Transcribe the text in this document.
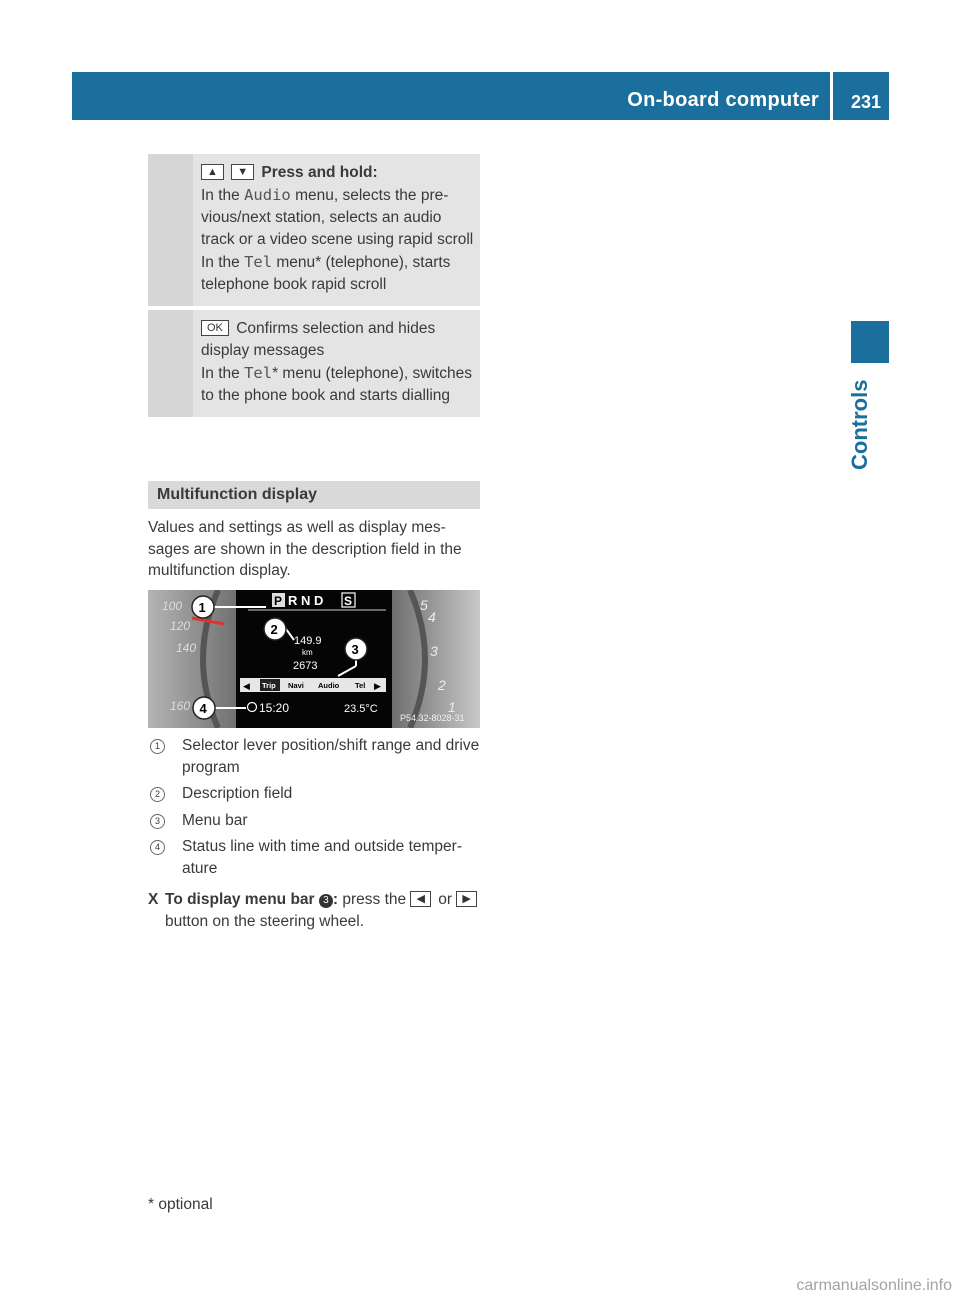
On-board computer 231
Controls
▲ ▼ Press and hold:
In the Audio menu, selects the pre-vious/next station, selects an audio track or a video scene using rapid scroll
In the Tel menu* (telephone), starts telephone book rapid scroll
OK Confirms selection and hides display messages
In the Tel* menu (telephone), switches to the phone book and starts dialling
Multifunction display
Values and settings as well as display mes-sages are shown in the description field in the multifunction display.
100
120
140
160
5
4
3
2
1
P R N D S
149.9
km
2673
◀ Trip Navi Audio Tel ▶
15:20	23.5°C
1
2
3
4
P54.32-8028-31
1	Selector lever position/shift range and drive program
2	Description field
3	Menu bar
4	Status line with time and outside temper-ature
X To display menu bar 3 : press the ◀ or ▶ button on the steering wheel.
* optional
carmanualsonline.info
